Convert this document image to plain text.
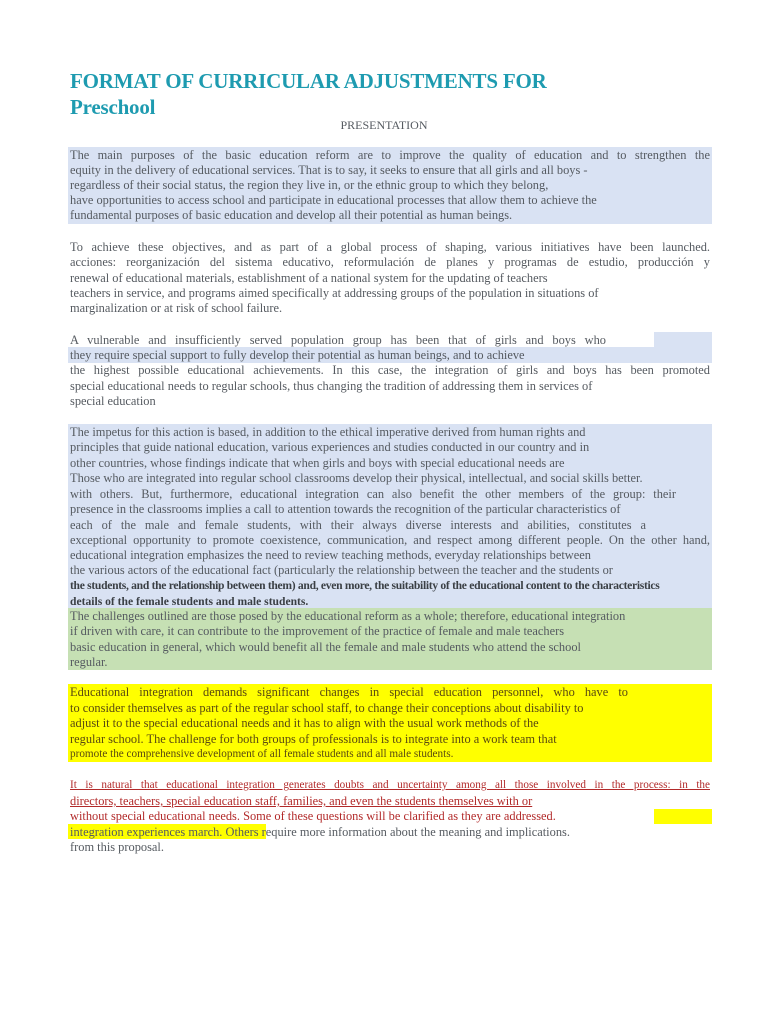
FORMAT OF CURRICULAR ADJUSTMENTS FOR
Preschool
PRESENTATION
The main purposes of the basic education reform are to improve the quality of education and to strengthen the
equity in the delivery of educational services. That is to say, it seeks to ensure that all girls and all boys -
regardless of their social status, the region they live in, or the ethnic group to which they belong,
have opportunities to access school and participate in educational processes that allow them to achieve the
fundamental purposes of basic education and develop all their potential as human beings.
To achieve these objectives, and as part of a global process of shaping, various initiatives have been launched.
acciones: reorganización del sistema educativo, reformulación de planes y programas de estudio, producción y
renewal of educational materials, establishment of a national system for the updating of teachers
teachers in service, and programs aimed specifically at addressing groups of the population in situations of
marginalization or at risk of school failure.
A vulnerable and insufficiently served population group has been that of girls and boys who
they require special support to fully develop their potential as human beings, and to achieve
the highest possible educational achievements. In this case, the integration of girls and boys has been promoted
special educational needs to regular schools, thus changing the tradition of addressing them in services of
special education
The impetus for this action is based, in addition to the ethical imperative derived from human rights and
principles that guide national education, various experiences and studies conducted in our country and in
other countries, whose findings indicate that when girls and boys with special educational needs are
Those who are integrated into regular school classrooms develop their physical, intellectual, and social skills better.
with others. But, furthermore, educational integration can also benefit the other members of the group: their
presence in the classrooms implies a call to attention towards the recognition of the particular characteristics of
each of the male and female students, with their always diverse interests and abilities, constitutes a
exceptional opportunity to promote coexistence, communication, and respect among different people. On the other hand,
educational integration emphasizes the need to review teaching methods, everyday relationships between
the various actors of the educational fact (particularly the relationship between the teacher and the students or
the students, and the relationship between them) and, even more, the suitability of the educational content to the characteristics
details of the female students and male students.
The challenges outlined are those posed by the educational reform as a whole; therefore, educational integration
if driven with care, it can contribute to the improvement of the practice of female and male teachers
basic education in general, which would benefit all the female and male students who attend the school
regular.
Educational integration demands significant changes in special education personnel, who have to
to consider themselves as part of the regular school staff, to change their conceptions about disability to
adjust it to the special educational needs and it has to align with the usual work methods of the
regular school. The challenge for both groups of professionals is to integrate into a work team that
promote the comprehensive development of all female students and all male students.
It is natural that educational integration generates doubts and uncertainty among all those involved in the process: in the
directors, teachers, special education staff, families, and even the students themselves with or
without special educational needs. Some of these questions will be clarified as they are addressed.
integration experiences march. Others require more information about the meaning and implications.
from this proposal.
